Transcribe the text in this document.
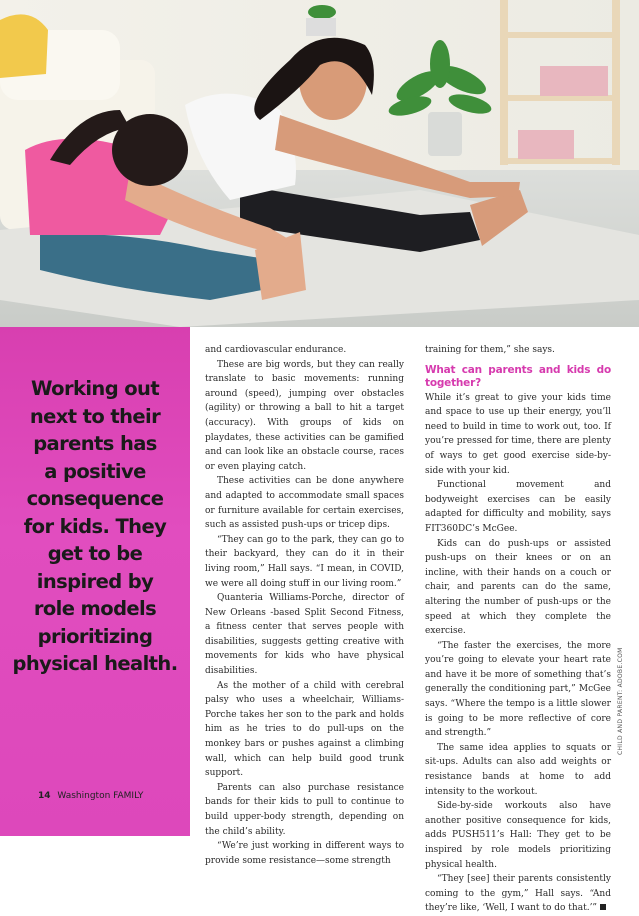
Working out
next to their
parents has
a positive
consequence
for kids. They
get to be
inspired by
role models
prioritizing
physical health.

14 Washington FAMILY

and cardiovascular endurance.

These are big words, but they can really translate to basic movements: running around (speed), jumping over obstacles (agility) or throwing a ball to hit a target (accuracy). With groups of kids on playdates, these activities can be gamified and can look like an obstacle course, races or even playing catch.

These activities can be done anywhere and adapted to accommodate small spaces or furniture available for certain exercises, such as assisted push-ups or tricep dips.

“They can go to the park, they can go to their backyard, they can do it in their living room,” Hall says. “I mean, in COVID, we were all doing stuff in our living room.”

Quanteria Williams-Porche, director of New Orleans -based Split Second Fitness, a fitness center that serves people with disabilities, suggests getting creative with movements for kids who have physical disabilities.

As the mother of a child with cerebral palsy who uses a wheelchair, Williams-Porche takes her son to the park and holds him as he tries to do pull-ups on the monkey bars or pushes against a climbing wall, which can help build good trunk support.

Parents can also purchase resistance bands for their kids to pull to continue to build upper-body strength, depending on the child’s ability.

“We’re just working in different ways to provide some resistance—some strength

training for them,” she says.

What can parents and kids do together?

While it’s great to give your kids time and space to use up their energy, you’ll need to build in time to work out, too. If you’re pressed for time, there are plenty of ways to get good exercise side-by-side with your kid.

Functional movement and bodyweight exercises can be easily adapted for difficulty and mobility, says FIT360DC’s McGee.

Kids can do push-ups or assisted push-ups on their knees or on an incline, with their hands on a couch or chair, and parents can do the same, altering the number of push-ups or the speed at which they complete the exercise.

“The faster the exercises, the more you’re going to elevate your heart rate and have it be more of something that’s generally the conditioning part,” McGee says. “Where the tempo is a little slower is going to be more reflective of core and strength.”

The same idea applies to squats or sit-ups. Adults can also add weights or resistance bands at home to add intensity to the workout.

Side-by-side workouts also have another positive consequence for kids, adds PUSH511’s Hall: They get to be inspired by role models prioritizing physical health.

“They [see] their parents consistently coming to the gym,” Hall says. “And they’re like, ‘Well, I want to do that.’”

CHILD AND PARENT: ADOBE.COM
